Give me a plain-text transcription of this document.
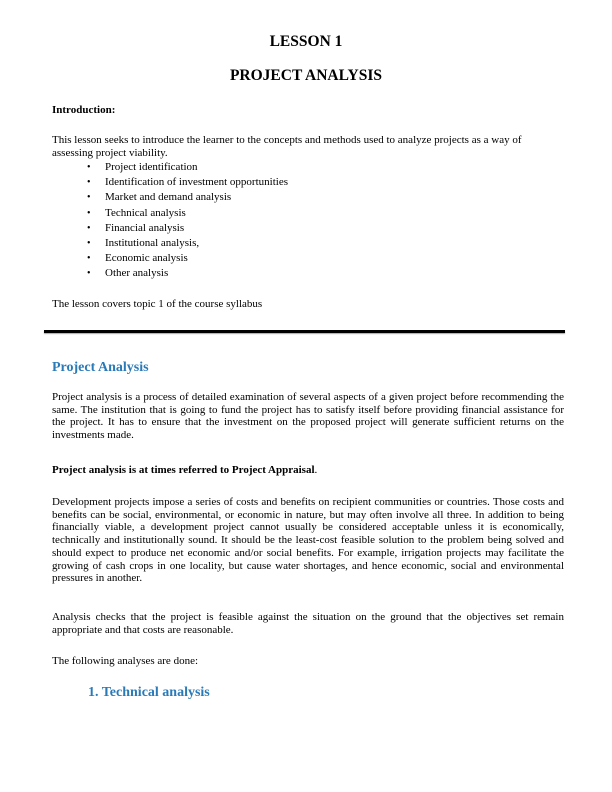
LESSON 1
PROJECT ANALYSIS
Introduction:
This lesson seeks to introduce the learner to the concepts and methods used to analyze projects as a way of assessing project viability.
• Project identification
• Identification of investment opportunities
• Market and demand analysis
• Technical analysis
• Financial analysis
• Institutional analysis,
• Economic analysis
• Other analysis
The lesson covers topic 1 of the course syllabus
Project Analysis
Project analysis is a process of detailed examination of several aspects of a given project before recommending the same. The institution that is going to fund the project has to satisfy itself before providing financial assistance for the project. It has to ensure that the investment on the proposed project will generate sufficient returns on the investments made.
Project analysis is at times referred to Project Appraisal.
Development projects impose a series of costs and benefits on recipient communities or countries. Those costs and benefits can be social, environmental, or economic in nature, but may often involve all three. In addition to being financially viable, a development project cannot usually be considered acceptable unless it is economically, technically and institutionally sound. It should be the least-cost feasible solution to the problem being solved and should expect to produce net economic and/or social benefits. For example, irrigation projects may facilitate the growing of cash crops in one locality, but cause water shortages, and hence economic, social and environmental pressures in another.
Analysis checks that the project is feasible against the situation on the ground that the objectives set remain appropriate and that costs are reasonable.
The following analyses are done:
1. Technical analysis
